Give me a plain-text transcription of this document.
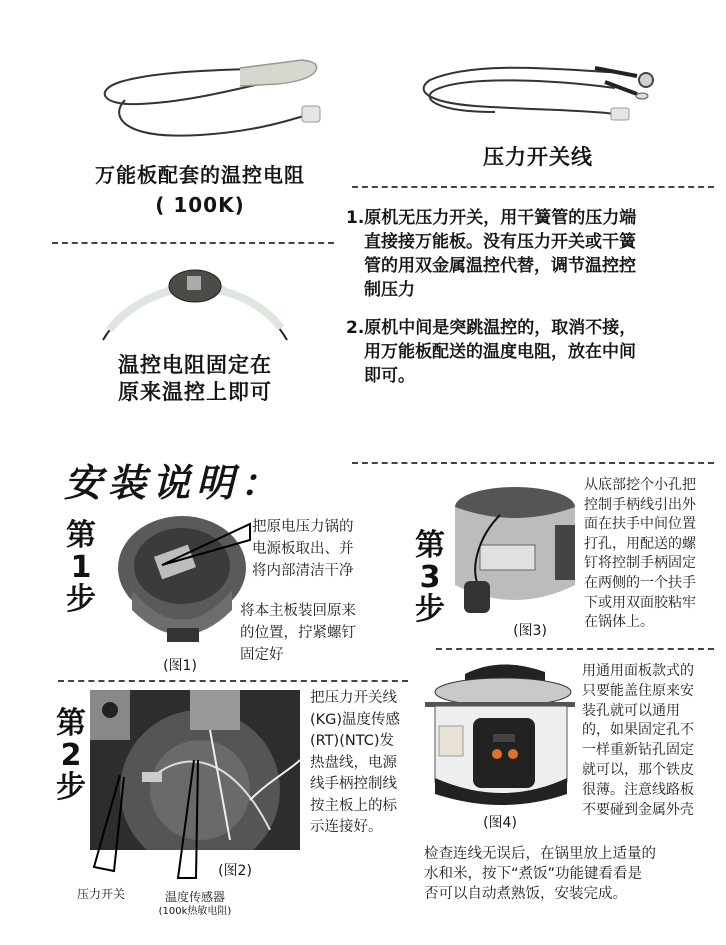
万能板配套的温控电阻
( 100K)
压力开关线
1.原机无压力开关，用干簧管的压力端
直接接万能板。没有压力开关或干簧
管的用双金属温控代替，调节温控控
制压力
2.原机中间是突跳温控的，取消不接，
用万能板配送的温度电阻，放在中间
即可。
温控电阻固定在
原来温控上即可
安装说明：
第
1
步
把原电压力锅的
电源板取出、并
将内部清洁干净
将本主板装回原来
的位置，拧紧螺钉
固定好
(图1)
第
2
步
把压力开关线
(KG)温度传感
(RT)(NTC)发
热盘线，电源
线手柄控制线
按主板上的标
示连接好。
(图2)
压力开关	温度传感器
(100k热敏电阻)
第
3
步
从底部挖个小孔把
控制手柄线引出外
面在扶手中间位置
打孔，用配送的螺
钉将控制手柄固定
在两侧的一个扶手
下或用双面胶粘牢
在锅体上。
(图3)
用通用面板款式的
只要能盖住原来安
装孔就可以通用
的，如果固定孔不
一样重新钻孔固定
就可以，那个铁皮
很薄。注意线路板
不要碰到金属外壳
(图4)
检查连线无误后，在锅里放上适量的
水和米，按下“煮饭”功能键看看是
否可以自动煮熟饭，安装完成。
